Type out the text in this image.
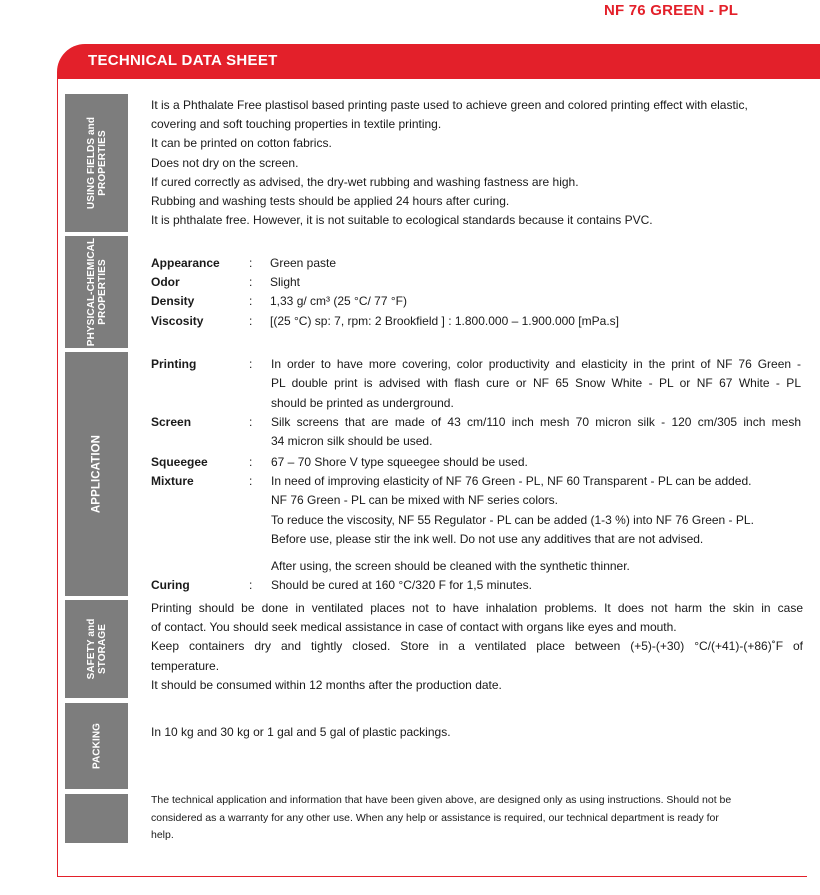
NF 76 GREEN - PL
TECHNICAL DATA SHEET
USING FIELDS and PROPERTIES
PHYSICAL-CHEMICAL PROPERTIES
APPLICATION
SAFETY and STORAGE
PACKING
It is a Phthalate Free plastisol based printing paste used to achieve green and colored printing effect with elastic,
covering and soft touching properties in textile printing.
It can be printed on cotton fabrics.
Does not dry on the screen.
If cured correctly as advised, the dry-wet rubbing and washing fastness are high.
Rubbing and washing tests should be applied 24 hours after curing.
It is phthalate free. However, it is not suitable to ecological standards because it contains PVC.
Appearance : Green paste
Odor	: Slight
Density	: 1,33 g/ cm³ (25 °C/ 77 °F)
Viscosity	: [(25 °C) sp: 7, rpm: 2 Brookfield ] : 1.800.000 – 1.900.000 [mPa.s]
Printing	: In order to have more covering, color productivity and elasticity in the print of NF 76 Green -
PL double print is advised with flash cure or NF 65 Snow White - PL or NF 67 White - PL
should be printed as underground.
Screen	: Silk screens that are made of 43 cm/110 inch mesh 70 micron silk - 120 cm/305 inch mesh
34 micron silk should be used.
Squeegee	: 67 – 70 Shore V type squeegee should be used.
Mixture	: In need of improving elasticity of NF 76 Green - PL, NF 60 Transparent - PL can be added.
NF 76 Green - PL can be mixed with NF series colors.
To reduce the viscosity, NF 55 Regulator - PL can be added (1-3 %) into NF 76 Green - PL.
Before use, please stir the ink well. Do not use any additives that are not advised.
After using, the screen should be cleaned with the synthetic thinner.
Curing	: Should be cured at 160 °C/320 F for 1,5 minutes.
Printing should be done in ventilated places not to have inhalation problems. It does not harm the skin in case
of contact. You should seek medical assistance in case of contact with organs like eyes and mouth.
Keep containers dry and tightly closed. Store in a ventilated place between (+5)-(+30) °C/(+41)-(+86)˚F of
temperature.
It should be consumed within 12 months after the production date.
In 10 kg and 30 kg or 1 gal and 5 gal of plastic packings.
The technical application and information that have been given above, are designed only as using instructions. Should not be
considered as a warranty for any other use. When any help or assistance is required, our technical department is ready for
help.
